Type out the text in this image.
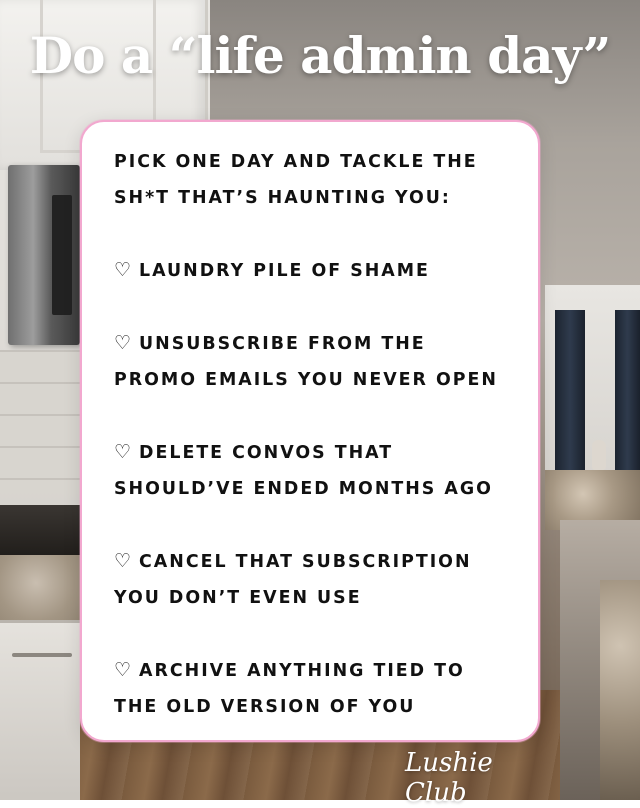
Do a “life admin day”
PICK ONE DAY AND TACKLE THE
SH*T THAT’S HAUNTING YOU:
♡ LAUNDRY PILE OF SHAME
♡ UNSUBSCRIBE FROM THE
PROMO EMAILS YOU NEVER OPEN
♡ DELETE CONVOS THAT
SHOULD’VE ENDED MONTHS AGO
♡ CANCEL THAT SUBSCRIPTION
YOU DON’T EVEN USE
♡ ARCHIVE ANYTHING TIED TO
THE OLD VERSION OF YOU
Lushie Club
